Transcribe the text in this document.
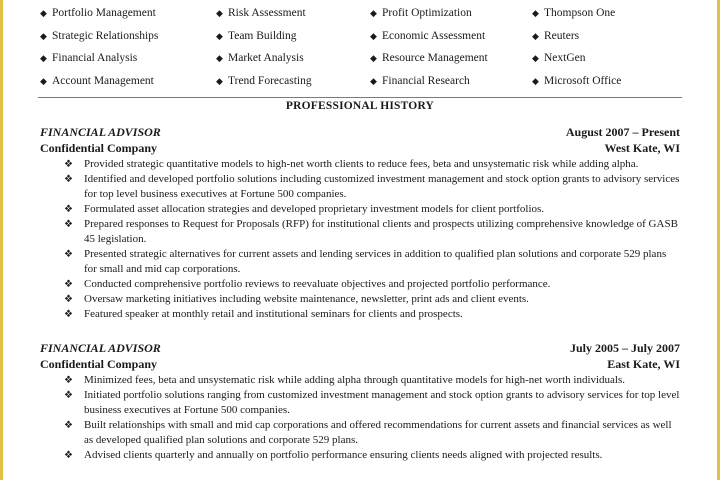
◆ Portfolio Management	◆ Risk Assessment	◆ Profit Optimization	◆ Thompson One
◆ Strategic Relationships	◆ Team Building	◆ Economic Assessment	◆ Reuters
◆ Financial Analysis	◆ Market Analysis	◆ Resource Management	◆ NextGen
◆ Account Management	◆ Trend Forecasting	◆ Financial Research	◆ Microsoft Office
PROFESSIONAL HISTORY
FINANCIAL ADVISOR	August 2007 – Present
Confidential Company	West Kate, WI
❖ Provided strategic quantitative models to high-net worth clients to reduce fees, beta and unsystematic risk while adding alpha.
❖ Identified and developed portfolio solutions including customized investment management and stock option grants to advisory services for top level business executives at Fortune 500 companies.
❖ Formulated asset allocation strategies and developed proprietary investment models for client portfolios.
❖ Prepared responses to Request for Proposals (RFP) for institutional clients and prospects utilizing comprehensive knowledge of GASB 45 legislation.
❖ Presented strategic alternatives for current assets and lending services in addition to qualified plan solutions and corporate 529 plans for small and mid cap corporations.
❖ Conducted comprehensive portfolio reviews to reevaluate objectives and projected portfolio performance.
❖ Oversaw marketing initiatives including website maintenance, newsletter, print ads and client events.
❖ Featured speaker at monthly retail and institutional seminars for clients and prospects.
FINANCIAL ADVISOR	July 2005 – July 2007
Confidential Company	East Kate, WI
❖ Minimized fees, beta and unsystematic risk while adding alpha through quantitative models for high-net worth individuals.
❖ Initiated portfolio solutions ranging from customized investment management and stock option grants to advisory services for top level business executives at Fortune 500 companies.
❖ Built relationships with small and mid cap corporations and offered recommendations for current assets and financial services as well as developed qualified plan solutions and corporate 529 plans.
❖ Advised clients quarterly and annually on portfolio performance ensuring clients needs aligned with projected results.
